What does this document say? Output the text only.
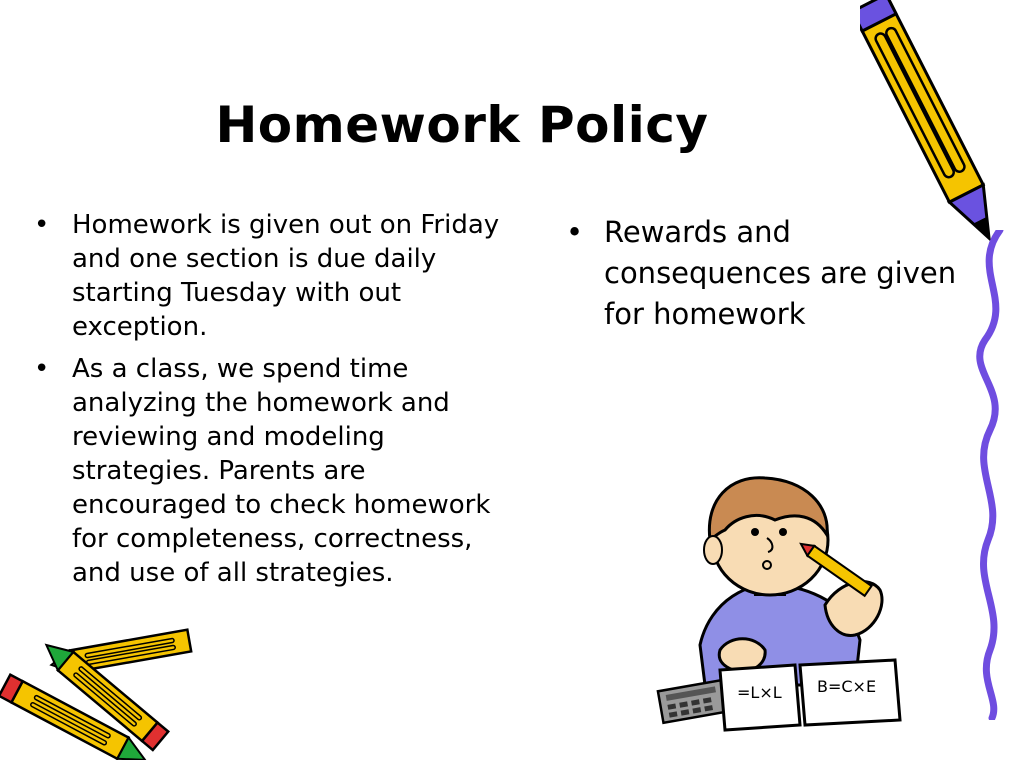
Homework Policy
• Homework is given out on Friday and one section is due daily starting Tuesday with out exception.
• As a class, we spend time analyzing the homework and reviewing and modeling strategies. Parents are encouraged to check homework for completeness, correctness, and use of all strategies.
• Rewards and consequences are given for homework
=L×L B=C×E
